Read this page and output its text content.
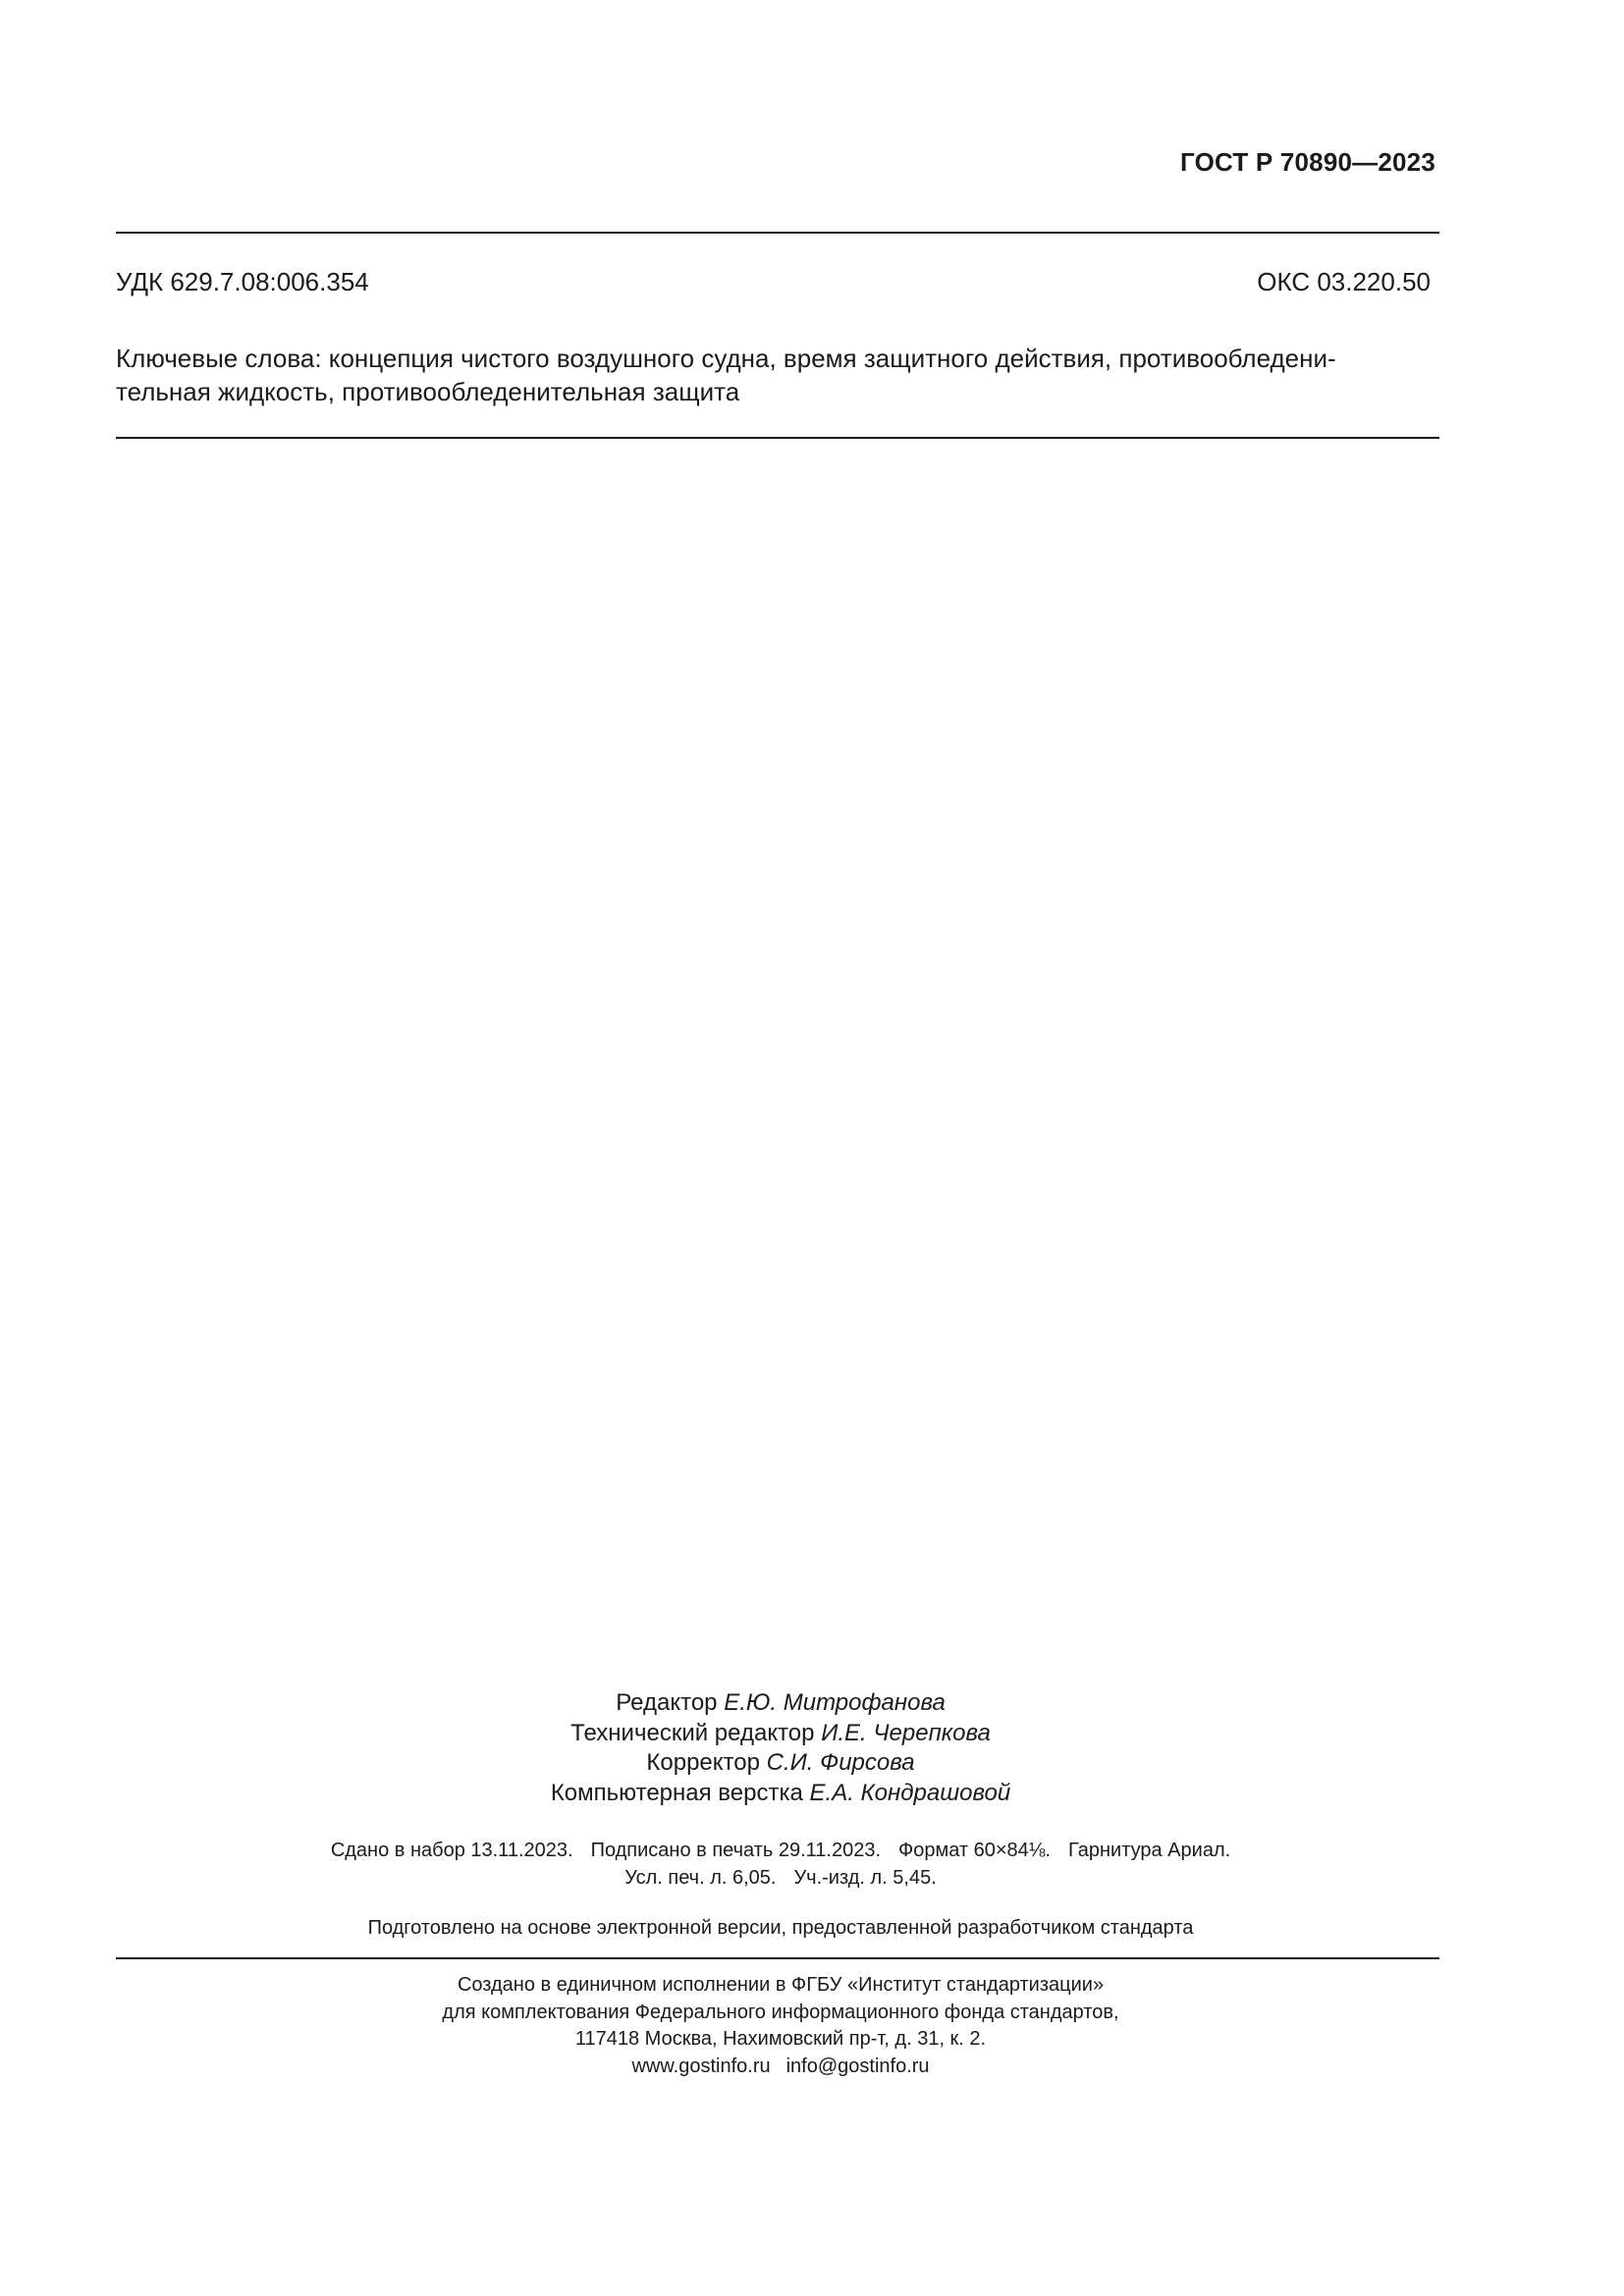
ГОСТ Р 70890—2023
УДК 629.7.08:006.354	ОКС 03.220.50
Ключевые слова: концепция чистого воздушного судна, время защитного действия, противообледени-
тельная жидкость, противообледенительная защита
Редактор Е.Ю. Митрофанова
Технический редактор И.Е. Черепкова
Корректор С.И. Фирсова
Компьютерная верстка Е.А. Кондрашовой
Сдано в набор 13.11.2023. Подписано в печать 29.11.2023. Формат 60×84⅛. Гарнитура Ариал.
Усл. печ. л. 6,05. Уч.-изд. л. 5,45.
Подготовлено на основе электронной версии, предоставленной разработчиком стандарта
Создано в единичном исполнении в ФГБУ «Институт стандартизации»
для комплектования Федерального информационного фонда стандартов,
117418 Москва, Нахимовский пр-т, д. 31, к. 2.
www.gostinfo.ru info@gostinfo.ru
